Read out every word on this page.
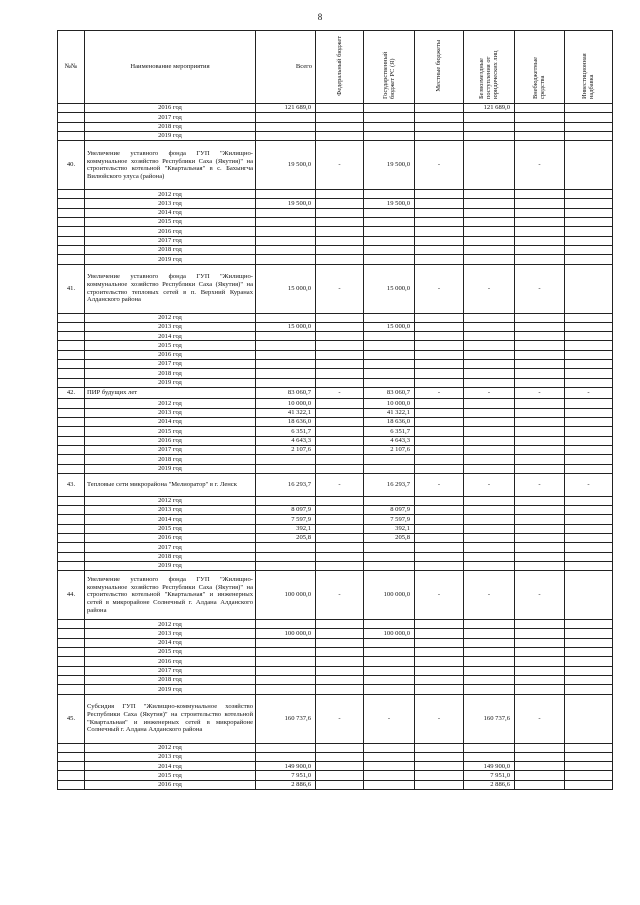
8
№№	Наименование мероприятия	Всего	Федеральный бюджет	Государственный бюджет РС (Я)	Местные бюджеты	Безвозмездные поступления от юридических лиц	Внебюджетные средства	Инвестиционная надбавка
	2016 год	121 689,0				121 689,0		
	2017 год							
	2018 год							
	2019 год							
40.	Увеличение уставного фонда ГУП "Жилищно-коммунальное хозяйство Республики Саха (Якутия)" на строительство котельной "Квартальная" в с. Бахынгча Вилюйского улуса (района)	19 500,0	-	19 500,0	-		-	
	2012 год							
	2013 год	19 500,0		19 500,0				
	2014 год							
	2015 год							
	2016 год							
	2017 год							
	2018 год							
	2019 год							
41.	Увеличение уставного фонда ГУП "Жилищно-коммунальное хозяйство Республики Саха (Якутия)" на строительство тепловых сетей в п. Верхний Куранах Алданского района	15 000,0	-	15 000,0	-	-	-	
	2012 год							
	2013 год	15 000,0		15 000,0				
	2014 год							
	2015 год							
	2016 год							
	2017 год							
	2018 год							
	2019 год							
42.	ПИР будущих лет	83 060,7	-	83 060,7	-	-	-	-
	2012 год	10 000,0		10 000,0				
	2013 год	41 322,1		41 322,1				
	2014 год	18 636,0		18 636,0				
	2015 год	6 351,7		6 351,7				
	2016 год	4 643,3		4 643,3				
	2017 год	2 107,6		2 107,6				
	2018 год							
	2019 год							
43.	Тепловые сети микрорайона "Мелиоратор" в г. Ленск	16 293,7	-	16 293,7	-	-	-	-
	2012 год							
	2013 год	8 097,9		8 097,9				
	2014 год	7 597,9		7 597,9				
	2015 год	392,1		392,1				
	2016 год	205,8		205,8				
	2017 год							
	2018 год							
	2019 год							
44.	Увеличение уставного фонда ГУП "Жилищно-коммунальное хозяйство Республики Саха (Якутия)" на строительство котельной "Квартальная" и инженерных сетей в микрорайоне Солнечный г. Алдана Алданского района	100 000,0	-	100 000,0	-	-	-	
	2012 год							
	2013 год	100 000,0		100 000,0				
	2014 год							
	2015 год							
	2016 год							
	2017 год							
	2018 год							
	2019 год							
45.	Субсидия ГУП "Жилищно-коммунальное хозяйство Республики Саха (Якутия)" на строительство котельной "Квартальная" и инженерных сетей в микрорайоне Солнечный г. Алдана Алданского района	160 737,6	-	-	-	160 737,6	-	
	2012 год							
	2013 год							
	2014 год	149 900,0				149 900,0		
	2015 год	7 951,0				7 951,0		
	2016 год	2 886,6				2 886,6		
